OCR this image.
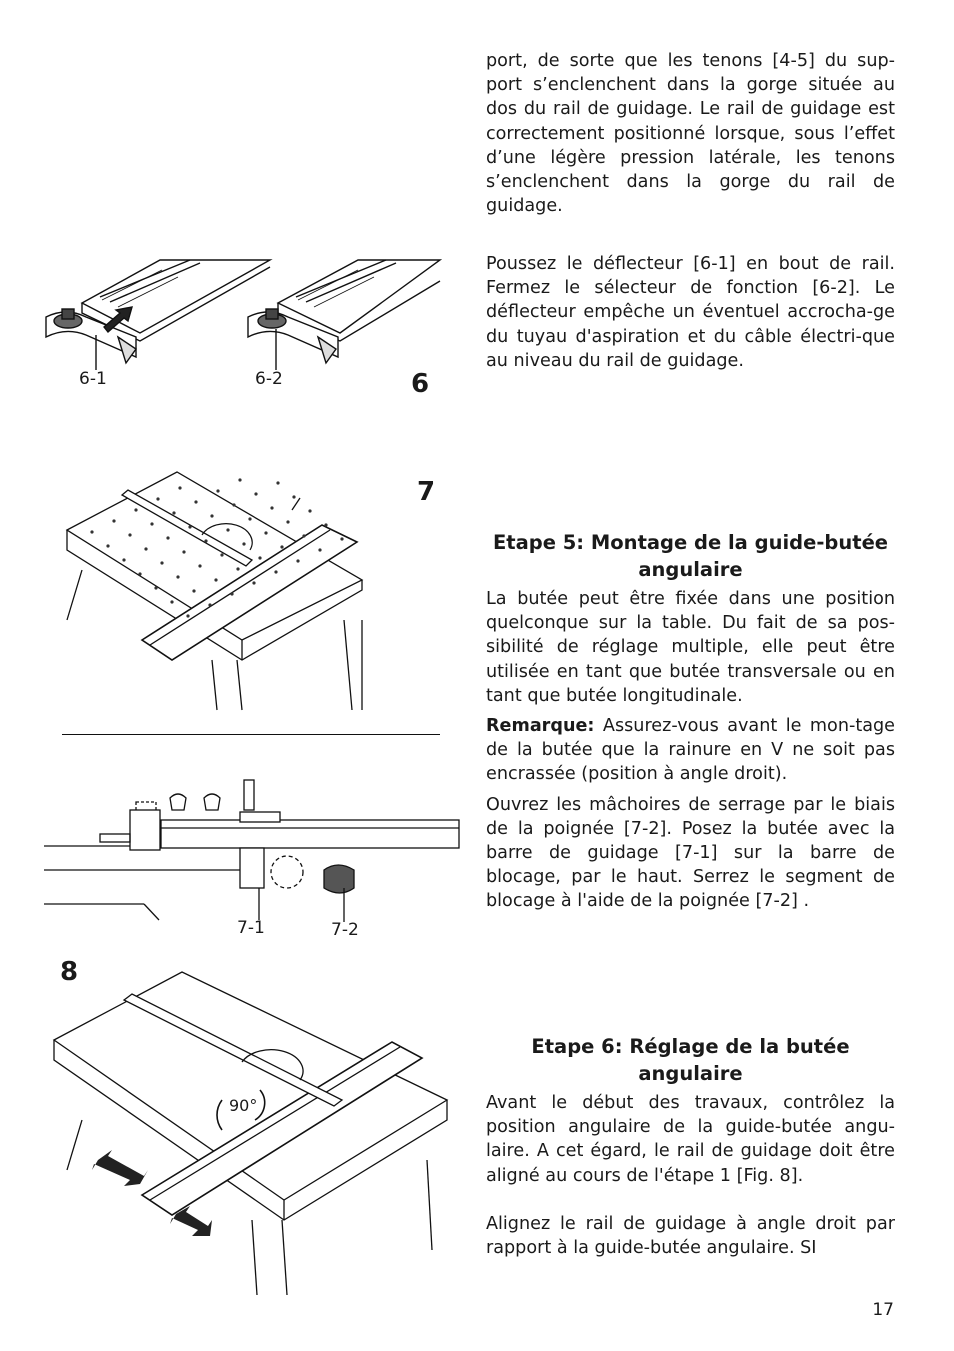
port, de sorte que les tenons [4-5] du sup-port s’enclenchent dans la gorge située au dos du rail de guidage. Le rail de guidage est correctement positionné lorsque, sous l’effet d’une légère pression latérale, les tenons s’enclenchent dans la gorge du rail de guidage.

Poussez le déflecteur [6-1] en bout de rail. Fermez le sélecteur de fonction [6-2]. Le déflecteur empêche un éventuel accrocha-ge du tuyau d'aspiration et du câble électri-que au niveau du rail de guidage.

Etape 5: Montage de la guide-butée angulaire

La butée peut être fixée dans une position quelconque sur la table. Du fait de sa pos-sibilité de réglage multiple, elle peut être utilisée en tant que butée transversale ou en tant que butée longitudinale.

Remarque: Assurez-vous avant le mon-tage de la butée que la rainure en V ne soit pas encrassée (position à angle droit).

Ouvrez les mâchoires de serrage par le biais de la poignée [7-2]. Posez la butée avec la barre de guidage [7-1] sur la barre de blocage, par le haut. Serrez le segment de blocage à l'aide de la poignée [7-2] .

Etape 6: Réglage de la butée angulaire

Avant le début des travaux, contrôlez la position angulaire de la guide-butée angu-laire. A cet égard, le rail de guidage doit être aligné au cours de l'étape 1 [Fig. 8].

Alignez le rail de guidage à angle droit par rapport à la guide-butée angulaire. SI

6-1	6-2	6
7
7-1	7-2
8
90°
17
